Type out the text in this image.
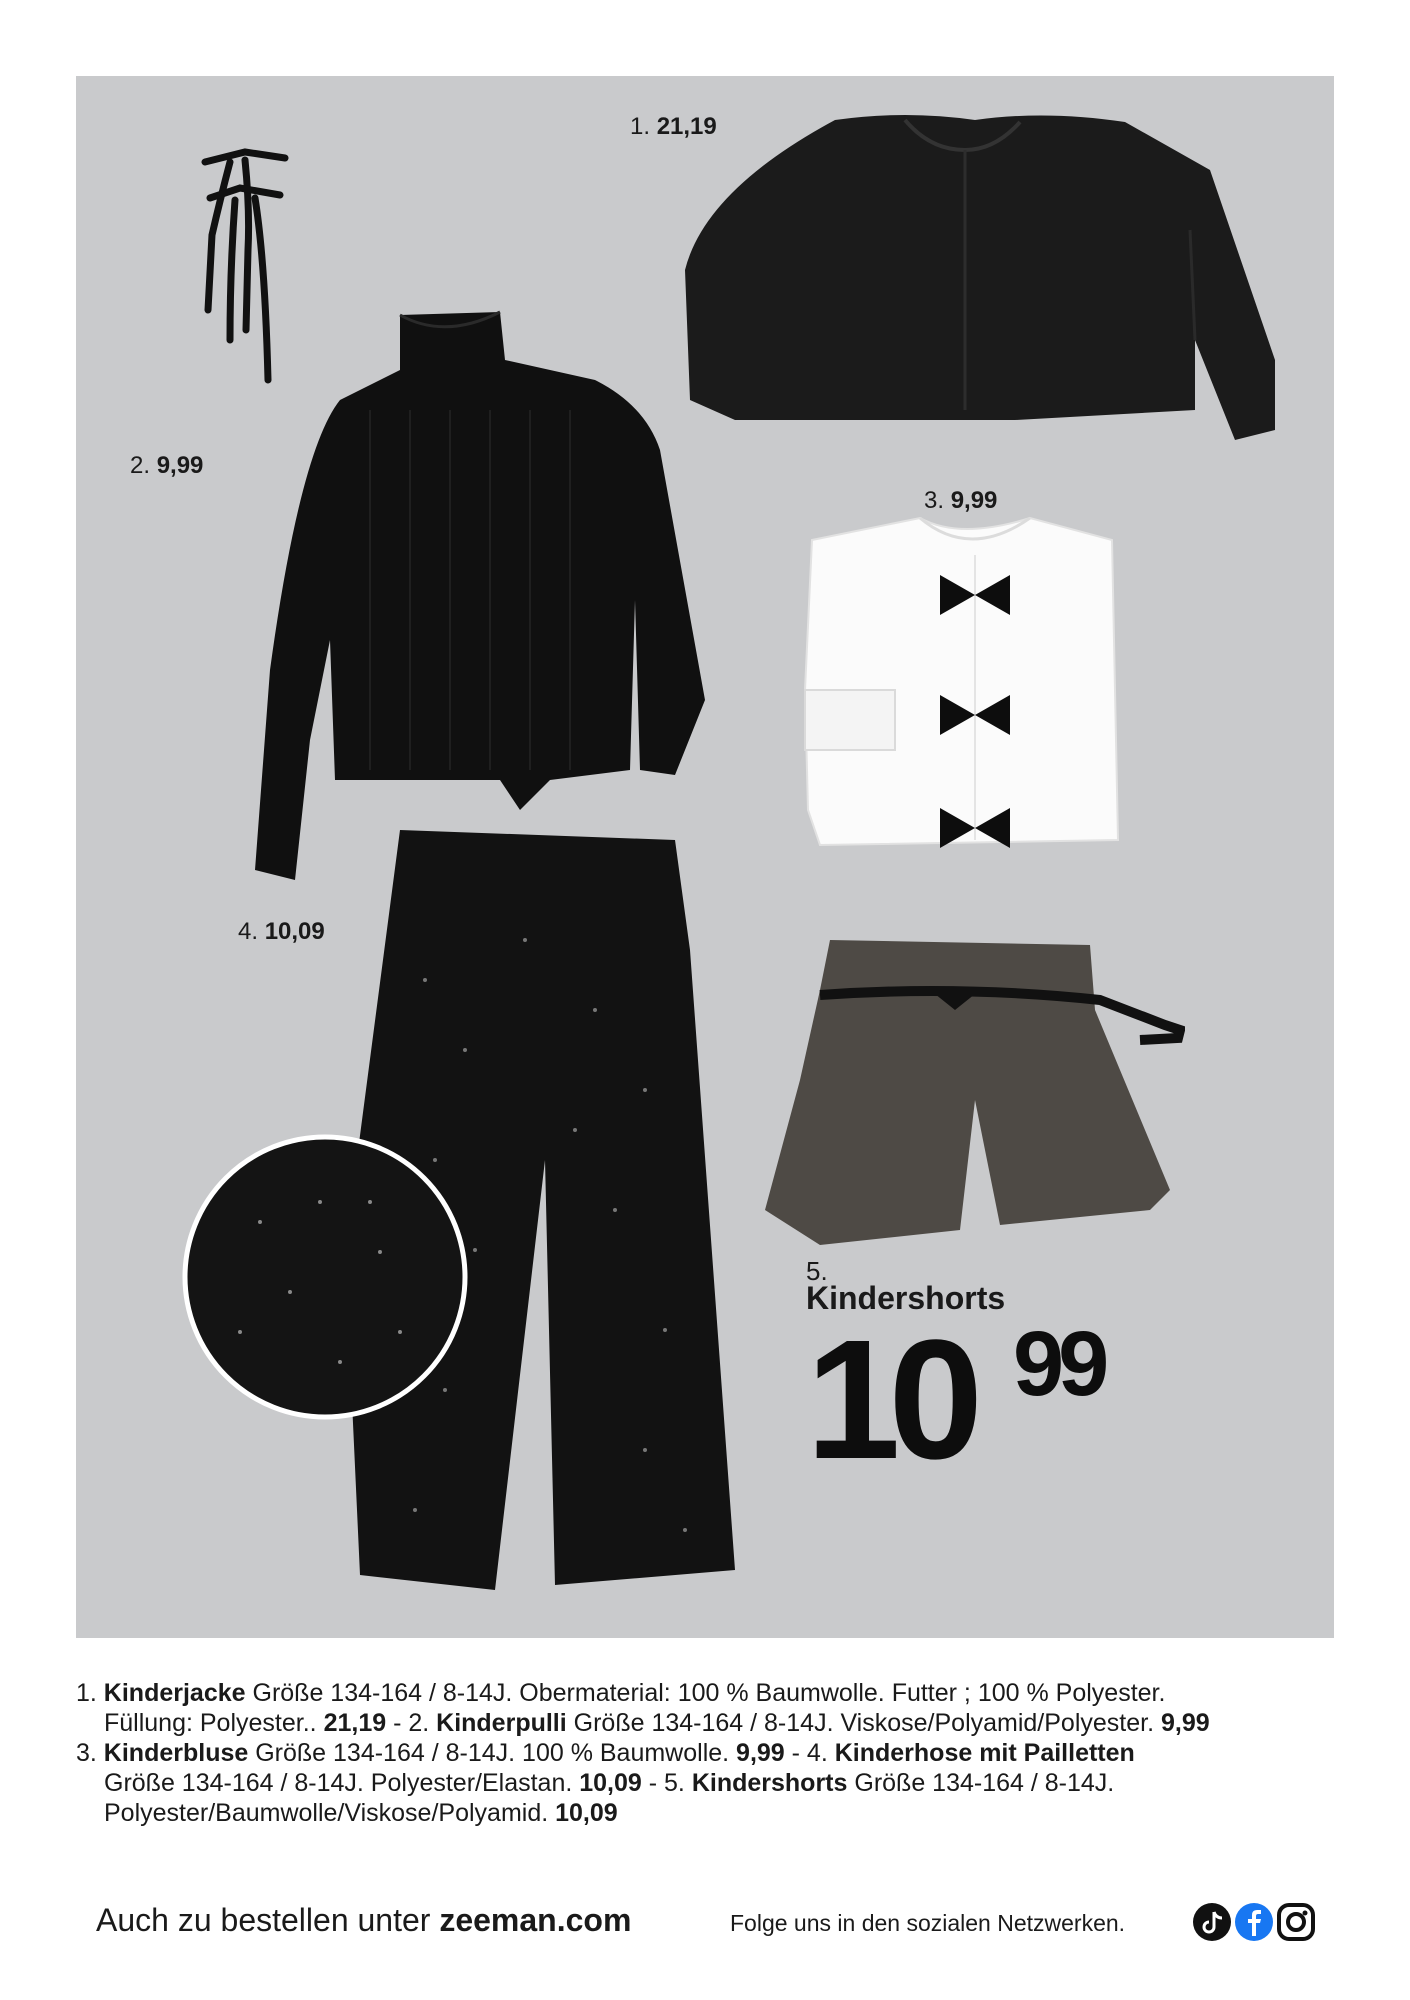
1. 21,19
2. 9,99
3. 9,99
4. 10,09
5.
Kindershorts
10 99
1. Kinderjacke Größe 134-164 / 8-14J. Obermaterial: 100 % Baumwolle. Futter ; 100 % Polyester.
Füllung: Polyester.. 21,19 - 2. Kinderpulli Größe 134-164 / 8-14J. Viskose/Polyamid/Polyester. 9,99
3. Kinderbluse Größe 134-164 / 8-14J. 100 % Baumwolle. 9,99 - 4. Kinderhose mit Pailletten
Größe 134-164 / 8-14J. Polyester/Elastan. 10,09 - 5. Kindershorts Größe 134-164 / 8-14J.
Polyester/Baumwolle/Viskose/Polyamid. 10,09
Auch zu bestellen unter zeeman.com	Folge uns in den sozialen Netzwerken.
